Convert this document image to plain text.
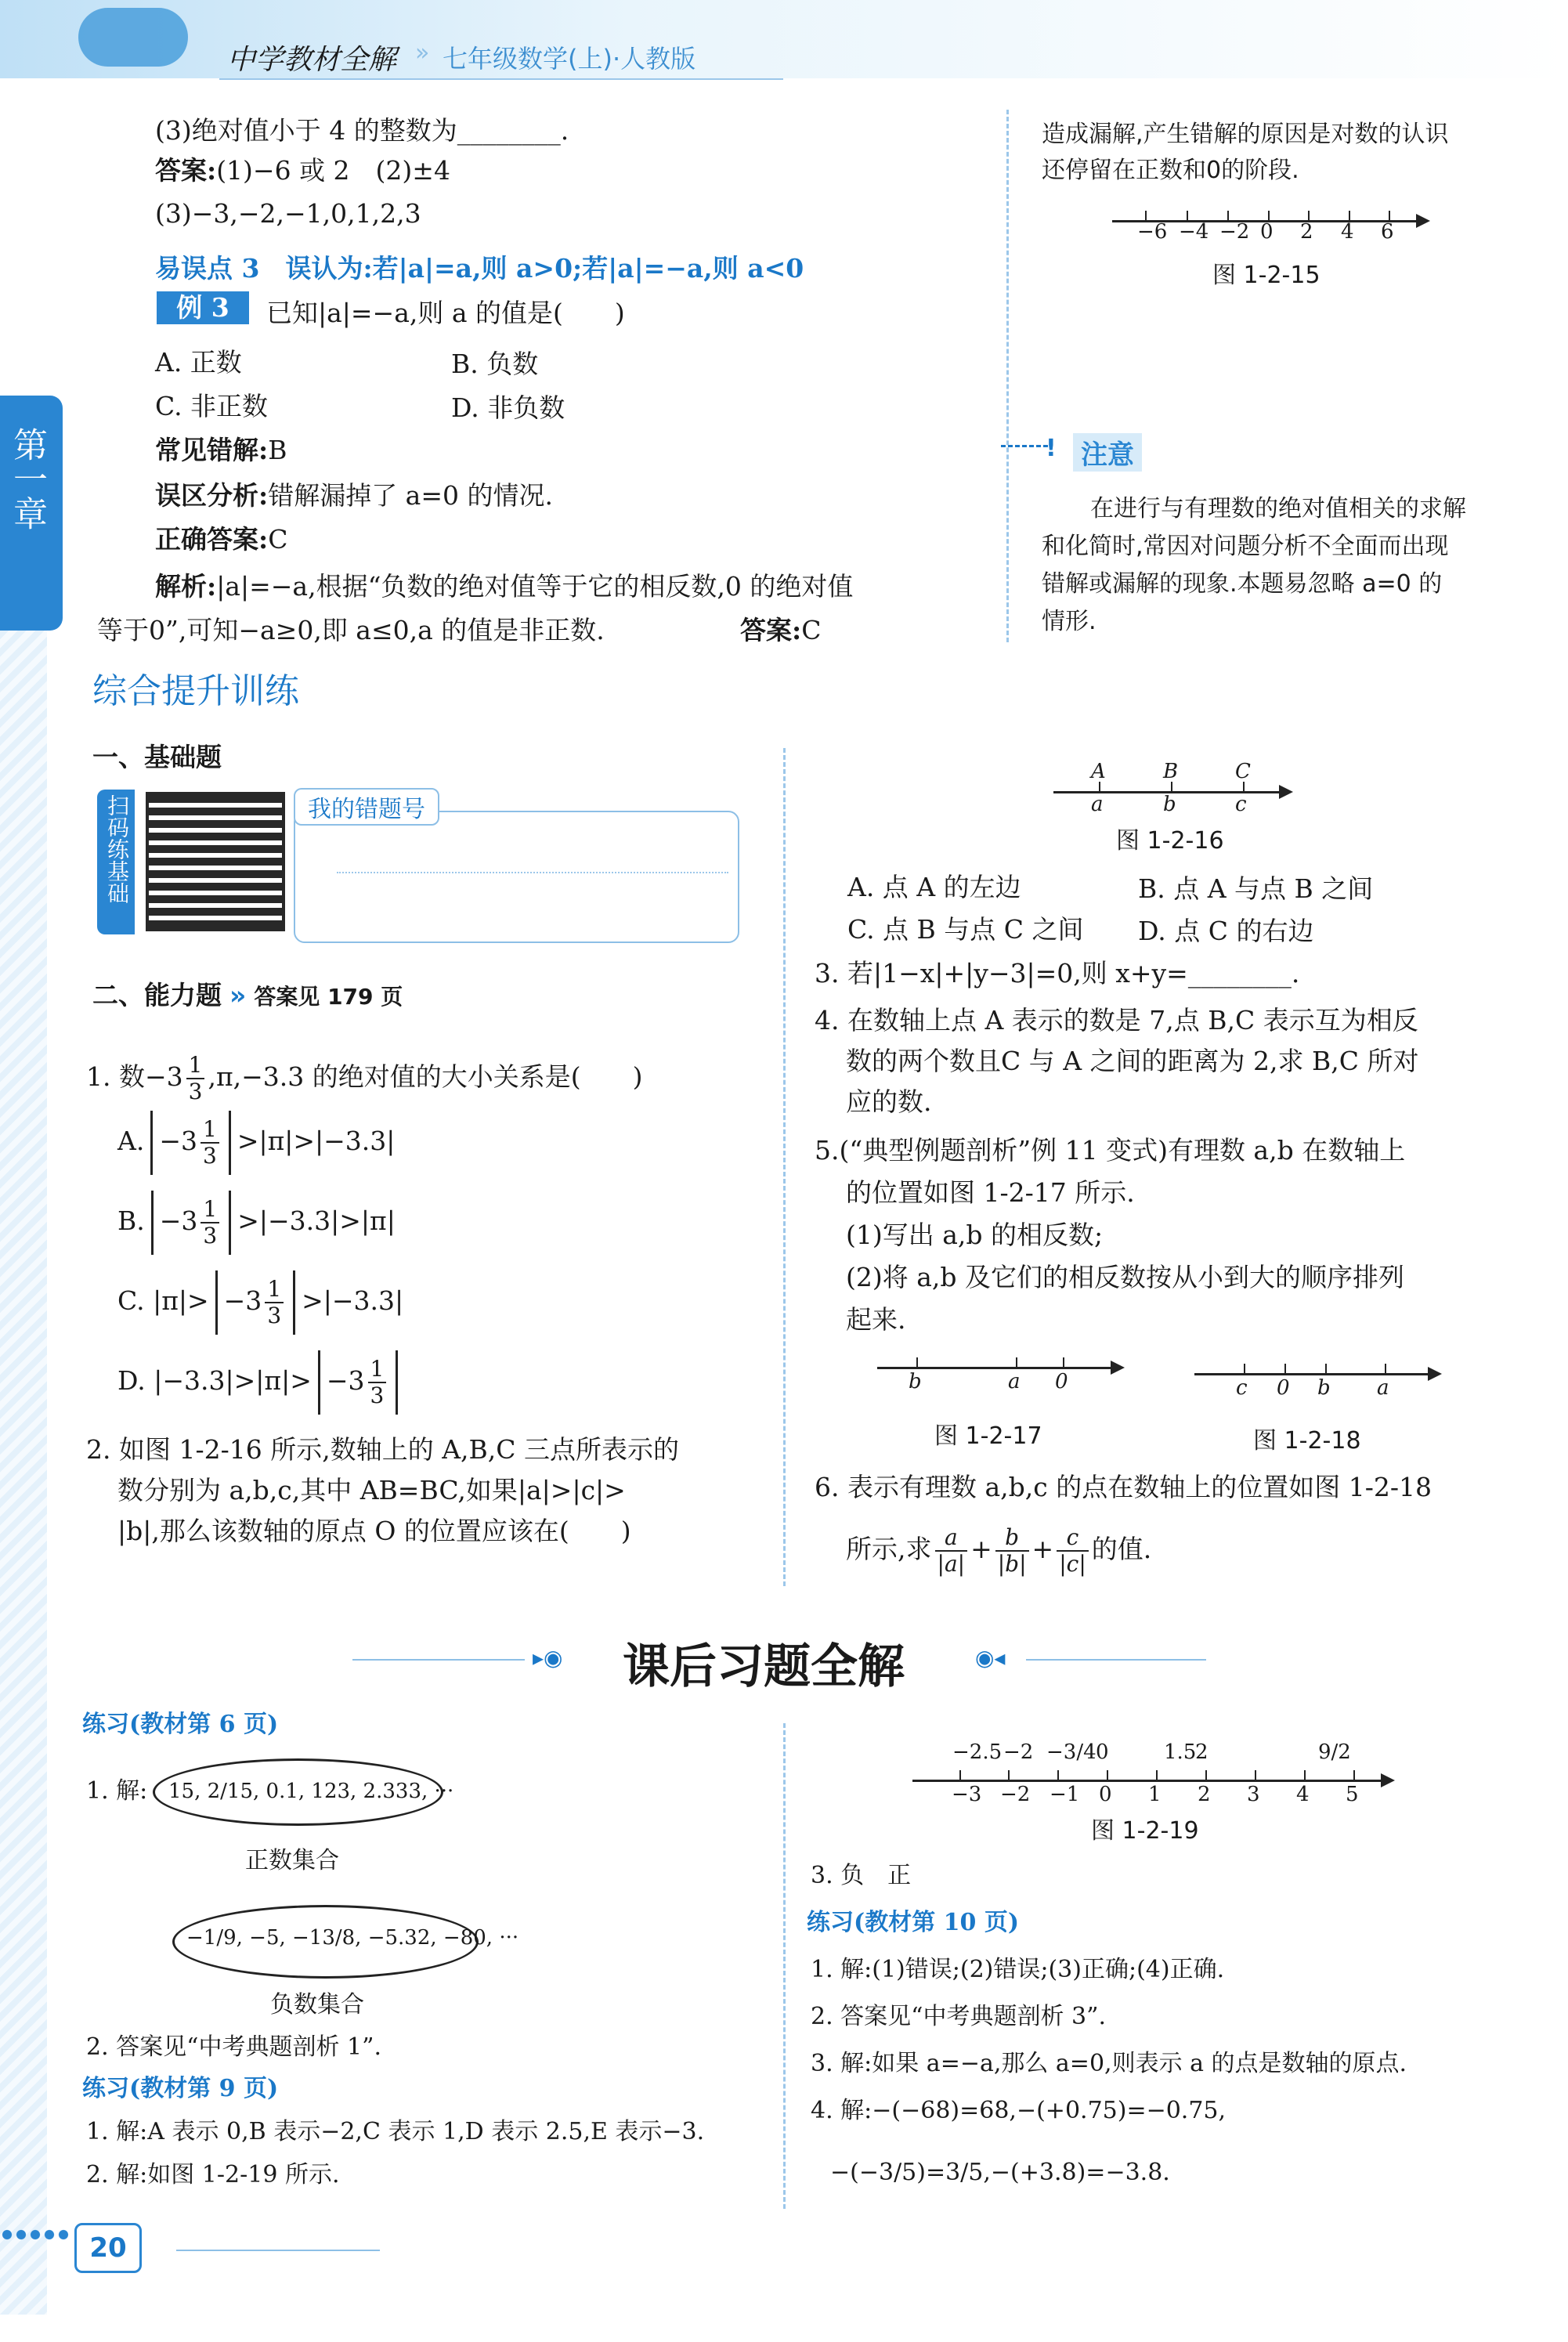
中学教材全解 » 七年级数学(上)·人教版
第一章
(3)绝对值小于 4 的整数为________.
答案:(1)−6 或 2　(2)±4
(3)−3,−2,−1,0,1,2,3
易误点 3　误认为:若|a|=a,则 a>0;若|a|=−a,则 a<0
例 3	已知|a|=−a,则 a 的值是(　　)
A. 正数	B. 负数
C. 非正数	D. 非负数
常见错解:B
误区分析:错解漏掉了 a=0 的情况.
正确答案:C
解析:|a|=−a,根据“负数的绝对值等于它的相反数,0 的绝对值
等于0”,可知−a≥0,即 a≤0,a 的值是非正数.	答案:C
造成漏解,产生错解的原因是对数的认识
还停留在正数和0的阶段.
−6 −4 −2 0 2 4 6
图 1-2-15
! 注意
在进行与有理数的绝对值相关的求解
和化简时,常因对问题分析不全面而出现
错解或漏解的现象.本题易忽略 a=0 的
情形.
综合提升训练
一、基础题
扫码练基础	我的错题号
二、能力题 » 答案见 179 页
1. 数$-3 \frac{1}{3} ,\pi,-3.3$ 的绝对值的大小关系是(　　)
A. $-3 \frac{1}{3} >|\pi|>|-3.3|$
B. $-3 \frac{1}{3} >|-3.3|>|\pi|$
C. $|\pi|> -3 \frac{1}{3} >|-3.3|$
D. $|-3.3|>|\pi|> -3 \frac{1}{3}$
2. 如图 1-2-16 所示,数轴上的 A,B,C 三点所表示的
数分别为 a,b,c,其中 AB=BC,如果|a|>|c|>
|b|,那么该数轴的原点 O 的位置应该在(　　)
a	b	c
A	B	C
图 1-2-16
A. 点 A 的左边	B. 点 A 与点 B 之间
C. 点 B 与点 C 之间 D. 点 C 的右边
3. 若|1−x|+|y−3|=0,则 x+y=________.
4. 在数轴上点 A 表示的数是 7,点 B,C 表示互为相反
数的两个数且C 与 A 之间的距离为 2,求 B,C 所对
应的数.
5.(“典型例题剖析”例 11 变式)有理数 a,b 在数轴上
的位置如图 1-2-17 所示.
(1)写出 a,b 的相反数;
(2)将 a,b 及它们的相反数按从小到大的顺序排列
起来.
b	a 0
图 1-2-17
c 0 b a
图 1-2-18
6. 表示有理数 a,b,c 的点在数轴上的位置如图 1-2-18
所示,求 $\frac{a}{|a|} + \frac{b}{|b|} + \frac{c}{|c|}$ 的值.
▸◉ 课后习题全解	◉◂
练习(教材第 6 页)
1. 解: 15, 2/15, 0.1, 123, 2.333, ···
正数集合
−1/9, −5, −13/8, −5.32, −80, ···
负数集合
2. 答案见“中考典题剖析 1”.
练习(教材第 9 页)
1. 解:A 表示 0,B 表示−2,C 表示 1,D 表示 2.5,E 表示−3.
2. 解:如图 1-2-19 所示.
−3 −2 −1 0 1 2 3 4 5
−2.5 −2 −3/4 0	1.5
2	9/2
图 1-2-19
3. 负　正
练习(教材第 10 页)
1. 解:(1)错误;(2)错误;(3)正确;(4)正确.
2. 答案见“中考典题剖析 3”.
3. 解:如果 a=−a,那么 a=0,则表示 a 的点是数轴的原点.
4. 解:−(−68)=68,−(+0.75)=−0.75,
−(−3/5)=3/5,−(+3.8)=−3.8.
20
